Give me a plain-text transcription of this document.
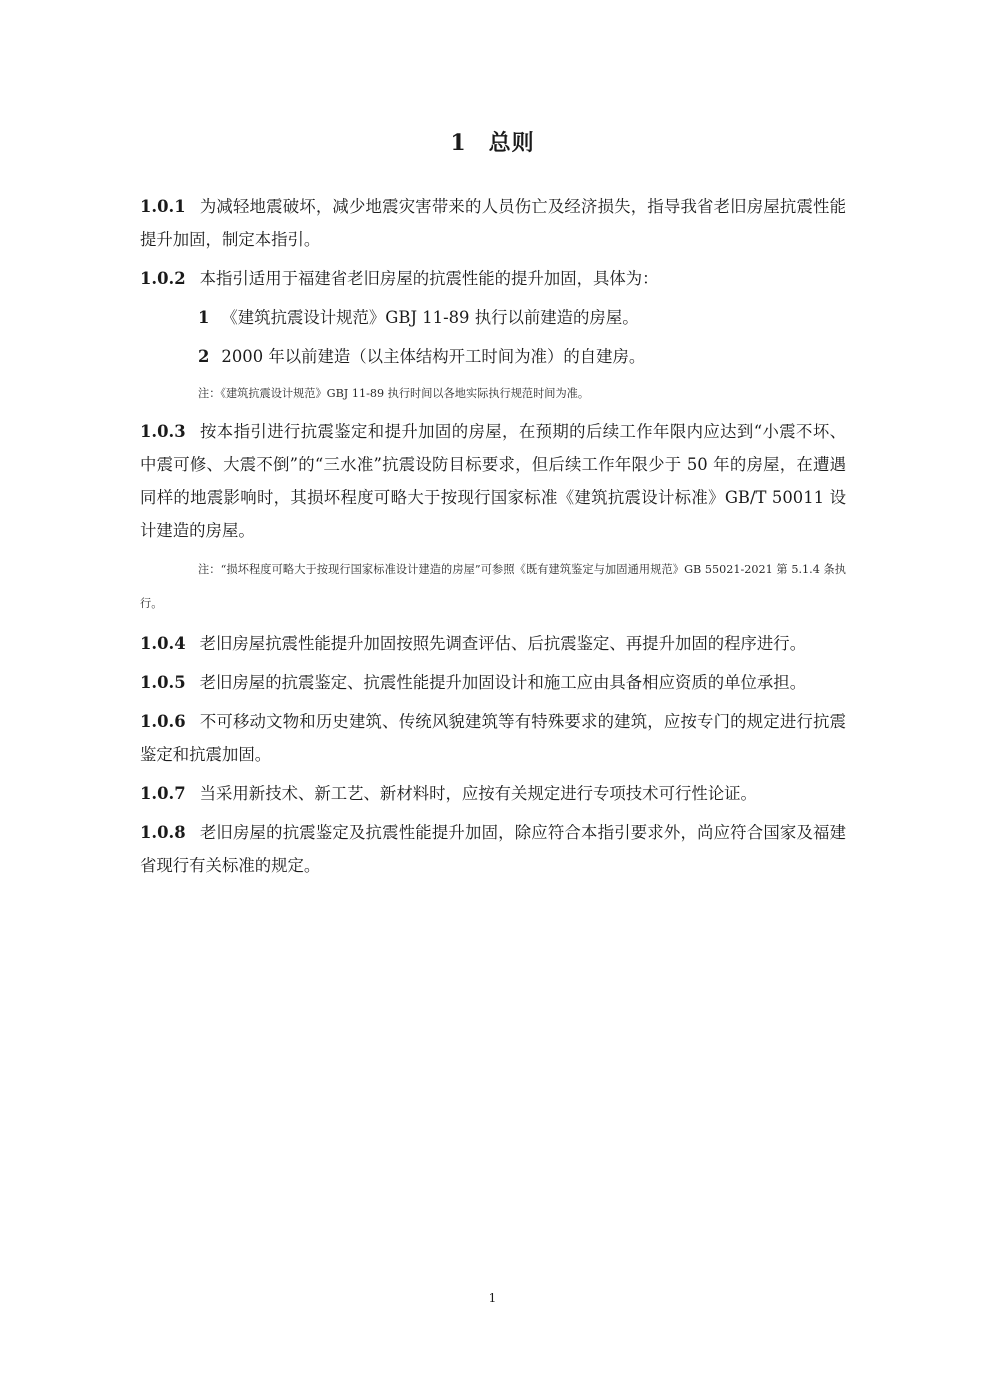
1 总则

1.0.1 为减轻地震破坏，减少地震灾害带来的人员伤亡及经济损失，指导我省老旧房屋抗震性能提升加固，制定本指引。

1.0.2 本指引适用于福建省老旧房屋的抗震性能的提升加固，具体为：

1 《建筑抗震设计规范》GBJ 11-89 执行以前建造的房屋。

2 2000 年以前建造（以主体结构开工时间为准）的自建房。

注：《建筑抗震设计规范》GBJ 11-89 执行时间以各地实际执行规范时间为准。

1.0.3 按本指引进行抗震鉴定和提升加固的房屋，在预期的后续工作年限内应达到“小震不坏、中震可修、大震不倒”的“三水准”抗震设防目标要求，但后续工作年限少于 50 年的房屋，在遭遇同样的地震影响时，其损坏程度可略大于按现行国家标准《建筑抗震设计标准》GB/T 50011 设计建造的房屋。

注：“损坏程度可略大于按现行国家标准设计建造的房屋”可参照《既有建筑鉴定与加固通用规范》GB 55021-2021 第 5.1.4 条执行。

1.0.4 老旧房屋抗震性能提升加固按照先调查评估、后抗震鉴定、再提升加固的程序进行。

1.0.5 老旧房屋的抗震鉴定、抗震性能提升加固设计和施工应由具备相应资质的单位承担。

1.0.6 不可移动文物和历史建筑、传统风貌建筑等有特殊要求的建筑，应按专门的规定进行抗震鉴定和抗震加固。

1.0.7 当采用新技术、新工艺、新材料时，应按有关规定进行专项技术可行性论证。

1.0.8 老旧房屋的抗震鉴定及抗震性能提升加固，除应符合本指引要求外，尚应符合国家及福建省现行有关标准的规定。

1
